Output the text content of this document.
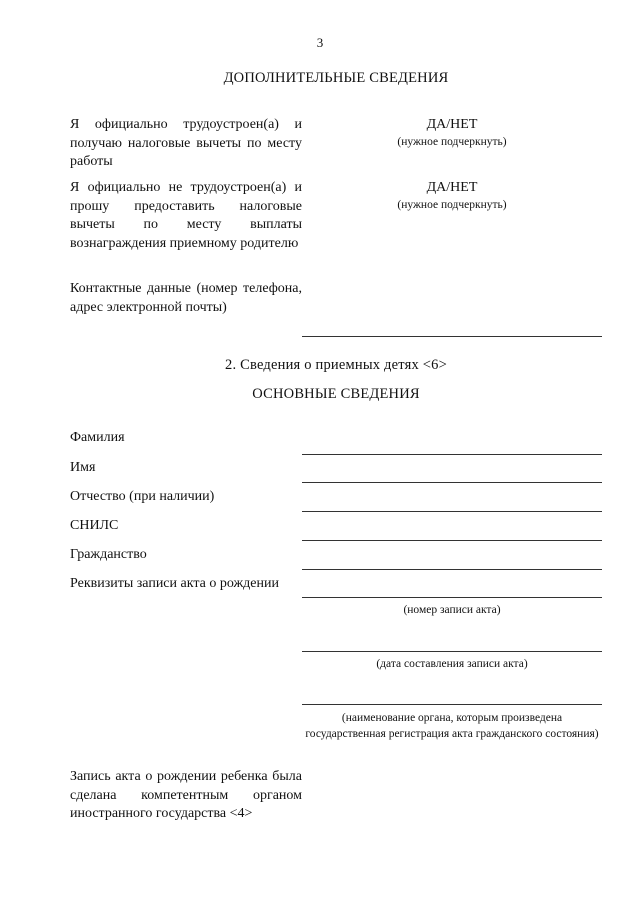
3
ДОПОЛНИТЕЛЬНЫЕ СВЕДЕНИЯ
Я официально трудоустроен(а) и получаю налоговые вычеты по месту работы
ДА/НЕТ
(нужное подчеркнуть)
Я официально не трудоустроен(а) и прошу предоставить налоговые вычеты по месту выплаты вознаграждения приемному родителю
ДА/НЕТ
(нужное подчеркнуть)
Контактные данные (номер телефона, адрес электронной почты)
2. Сведения о приемных детях <6>
ОСНОВНЫЕ СВЕДЕНИЯ
Фамилия
Имя
Отчество (при наличии)
СНИЛС
Гражданство
Реквизиты записи акта о рождении
(номер записи акта)
(дата составления записи акта)
(наименование органа, которым произведена государственная регистрация акта гражданского состояния)
Запись акта о рождении ребенка была сделана компетентным органом иностранного государства <4>
